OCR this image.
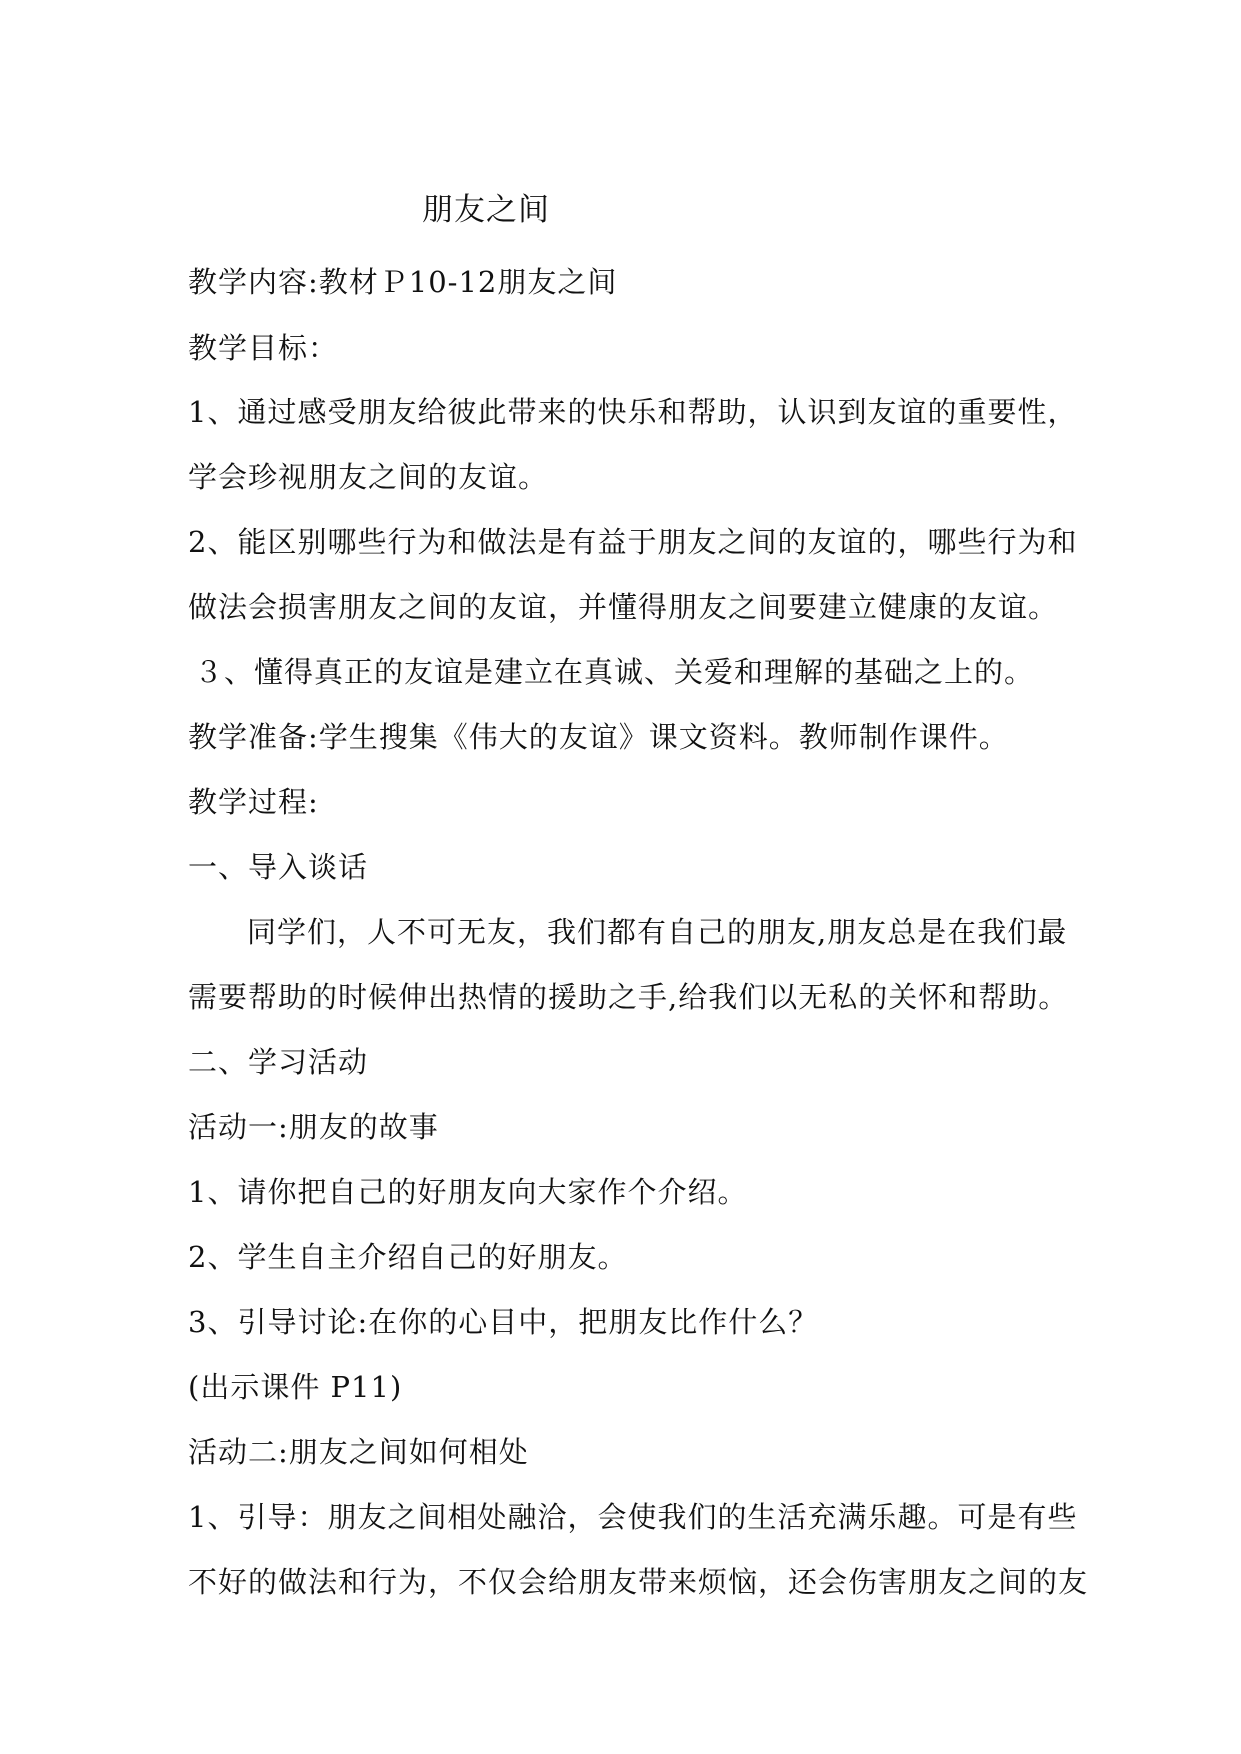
朋友之间
教学内容:教材Ｐ10-12朋友之间
教学目标：
1、通过感受朋友给彼此带来的快乐和帮助，认识到友谊的重要性，
学会珍视朋友之间的友谊。
2、能区别哪些行为和做法是有益于朋友之间的友谊的，哪些行为和
做法会损害朋友之间的友谊，并懂得朋友之间要建立健康的友谊。
３、懂得真正的友谊是建立在真诚、关爱和理解的基础之上的。
教学准备:学生搜集《伟大的友谊》课文资料。教师制作课件。
教学过程:
一、导入谈话
同学们，人不可无友，我们都有自己的朋友,朋友总是在我们最
需要帮助的时候伸出热情的援助之手,给我们以无私的关怀和帮助。
二、学习活动
活动一:朋友的故事
1、请你把自己的好朋友向大家作个介绍。
2、学生自主介绍自己的好朋友。
3、引导讨论:在你的心目中，把朋友比作什么？
(出示课件 P11)
活动二:朋友之间如何相处
1、引导：朋友之间相处融洽，会使我们的生活充满乐趣。可是有些
不好的做法和行为，不仅会给朋友带来烦恼，还会伤害朋友之间的友
